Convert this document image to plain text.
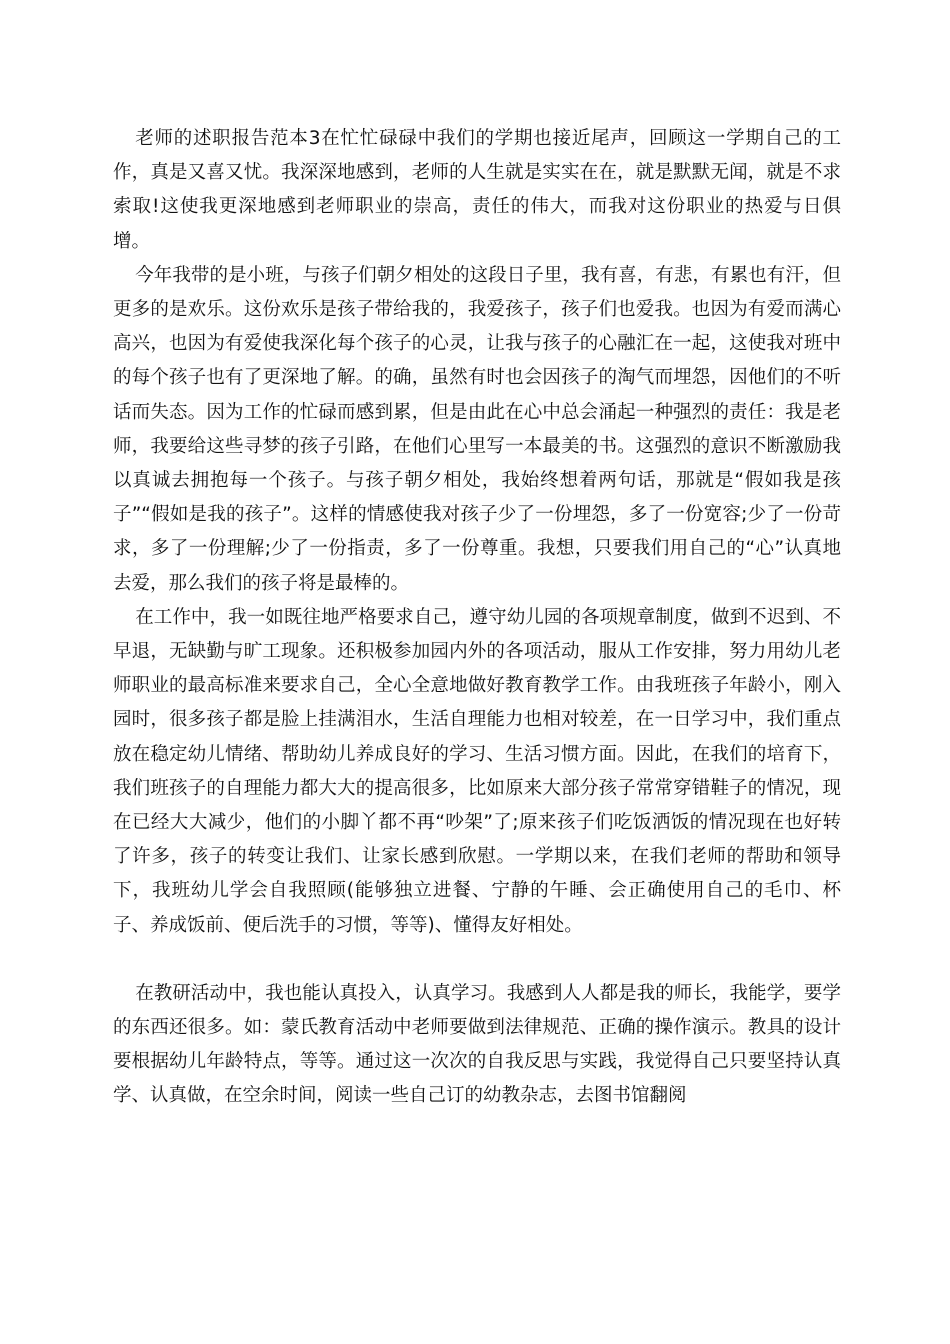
老师的述职报告范本3在忙忙碌碌中我们的学期也接近尾声，回顾这一学期自己的工作，真是又喜又忧。我深深地感到，老师的人生就是实实在在，就是默默无闻，就是不求索取!这使我更深地感到老师职业的崇高，责任的伟大，而我对这份职业的热爱与日俱增。

今年我带的是小班，与孩子们朝夕相处的这段日子里，我有喜，有悲，有累也有汗，但更多的是欢乐。这份欢乐是孩子带给我的，我爱孩子，孩子们也爱我。也因为有爱而满心高兴，也因为有爱使我深化每个孩子的心灵，让我与孩子的心融汇在一起，这使我对班中的每个孩子也有了更深地了解。的确，虽然有时也会因孩子的淘气而埋怨，因他们的不听话而失态。因为工作的忙碌而感到累，但是由此在心中总会涌起一种强烈的责任：我是老师，我要给这些寻梦的孩子引路，在他们心里写一本最美的书。这强烈的意识不断激励我以真诚去拥抱每一个孩子。与孩子朝夕相处，我始终想着两句话，那就是“假如我是孩子”“假如是我的孩子”。这样的情感使我对孩子少了一份埋怨，多了一份宽容;少了一份苛求，多了一份理解;少了一份指责，多了一份尊重。我想，只要我们用自己的“心”认真地去爱，那么我们的孩子将是最棒的。

在工作中，我一如既往地严格要求自己，遵守幼儿园的各项规章制度，做到不迟到、不早退，无缺勤与旷工现象。还积极参加园内外的各项活动，服从工作安排，努力用幼儿老师职业的最高标准来要求自己，全心全意地做好教育教学工作。由我班孩子年龄小，刚入园时，很多孩子都是脸上挂满泪水，生活自理能力也相对较差，在一日学习中，我们重点放在稳定幼儿情绪、帮助幼儿养成良好的学习、生活习惯方面。因此，在我们的培育下，我们班孩子的自理能力都大大的提高很多，比如原来大部分孩子常常穿错鞋子的情况，现在已经大大减少，他们的小脚丫都不再“吵架”了;原来孩子们吃饭洒饭的情况现在也好转了许多，孩子的转变让我们、让家长感到欣慰。一学期以来，在我们老师的帮助和领导下，我班幼儿学会自我照顾(能够独立进餐、宁静的午睡、会正确使用自己的毛巾、杯子、养成饭前、便后洗手的习惯，等等)、懂得友好相处。

在教研活动中，我也能认真投入，认真学习。我感到人人都是我的师长，我能学，要学的东西还很多。如：蒙氏教育活动中老师要做到法律规范、正确的操作演示。教具的设计要根据幼儿年龄特点，等等。通过这一次次的自我反思与实践，我觉得自己只要坚持认真学、认真做，在空余时间，阅读一些自己订的幼教杂志，去图书馆翻阅
